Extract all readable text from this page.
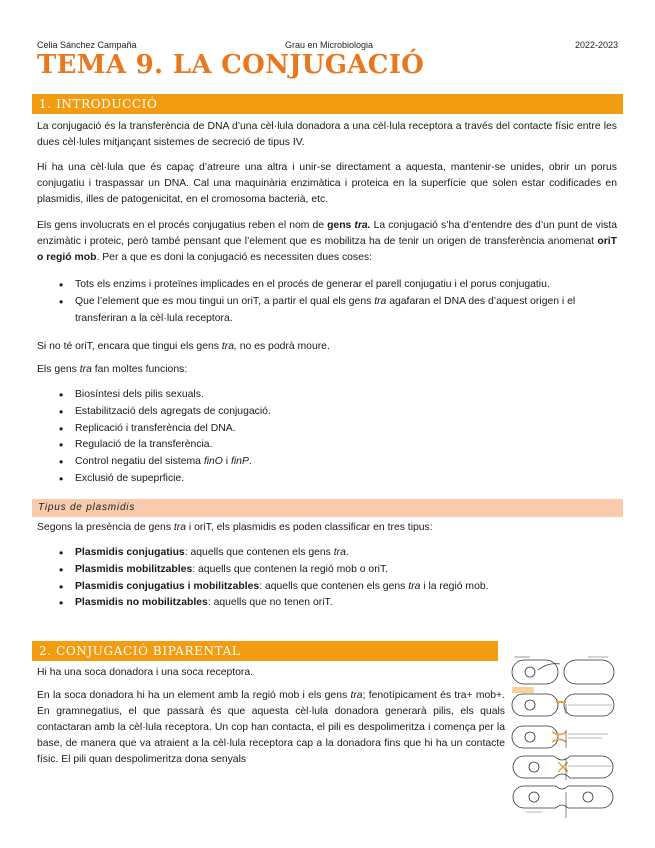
Celia Sánchez Campaña	Grau en Microbiologia	2022-2023
TEMA 9. LA CONJUGACIÓ
1. INTRODUCCIÓ

La conjugació és la transferència de DNA d’una cèl·lula donadora a una cèl·lula receptora a través del contacte físic entre les dues cèl·lules mitjançant sistemes de secreció de tipus IV.

Hi ha una cèl·lula que és capaç d’atreure una altra i unir-se directament a aquesta, mantenir-se unides, obrir un porus conjugatiu i traspassar un DNA. Cal una maquinària enzimàtica i proteica en la superfície que solen estar codificades en plasmidis, illes de patogenicitat, en el cromosoma bacterià, etc.

Els gens involucrats en el procés conjugatius reben el nom de gens tra. La conjugació s’ha d’entendre des d’un punt de vista enzimàtic i proteic, però també pensant que l’element que es mobilitza ha de tenir un origen de transferència anomenat oriT o regió mob. Per a que es doni la conjugació es necessiten dues coses:

• Tots els enzims i proteïnes implicades en el procés de generar el parell conjugatiu i el porus conjugatiu.
• Que l’element que es mou tingui un oriT, a partir el qual els gens tra agafaran el DNA des d’aquest origen i el transferiran a la cèl·lula receptora.

Si no té oriT, encara que tingui els gens tra, no es podrà moure.

Els gens tra fan moltes funcions:

• Biosíntesi dels pilis sexuals.
• Estabilització dels agregats de conjugació.
• Replicació i transferència del DNA.
• Regulació de la transferència.
• Control negatiu del sistema finO i finP.
• Exclusió de supeprficie.
Tipus de plasmidis

Segons la presència de gens tra i oriT, els plasmidis es poden classificar en tres tipus:

• Plasmidis conjugatius: aquells que contenen els gens tra.
• Plasmidis mobilitzables: aquells que contenen la regió mob o oriT.
• Plasmidis conjugatius i mobilitzables: aquells que contenen els gens tra i la regió mob.
• Plasmidis no mobilitzables: aquells que no tenen oriT.
2. CONJUGACIÓ BIPARENTAL

Hi ha una soca donadora i una soca receptora.

En la soca donadora hi ha un element amb la regió mob i els gens tra; fenotípicament és tra+ mob+. En gramnegatius, el que passarà és que aquesta cèl·lula donadora generarà pilis, els quals contactaran amb la cèl·lula receptora. Un cop han contacta, el pili es despolimeritza i comença per la base, de manera que va atraient a la cèl·lula receptora cap a la donadora fins que hi ha un contacte físic. El pili quan despolimeritza dona senyals
